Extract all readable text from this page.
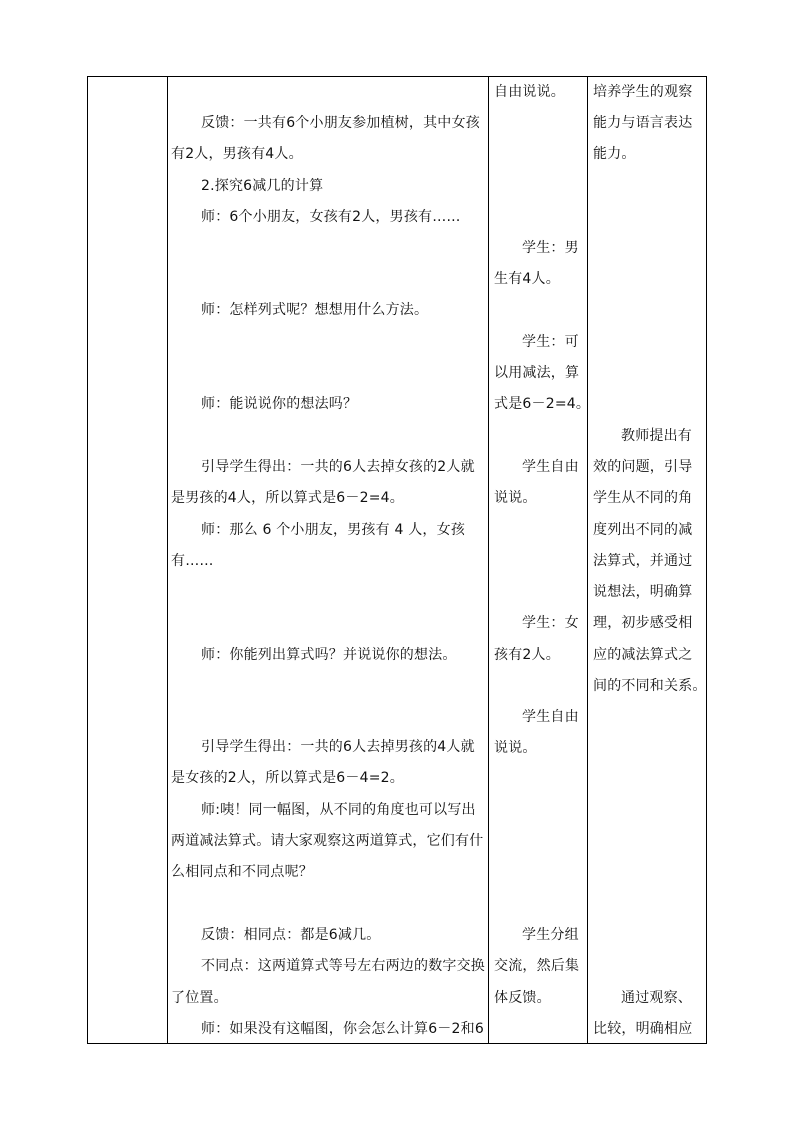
反馈：一共有6个小朋友参加植树，其中女孩
有2人，男孩有4人。
2.探究6减几的计算
师：6个小朋友，女孩有2人，男孩有……
师：怎样列式呢？想想用什么方法。
师：能说说你的想法吗？
引导学生得出：一共的6人去掉女孩的2人就
是男孩的4人，所以算式是6－2=4。
师：那么 6 个小朋友，男孩有 4 人，女孩
有……
师：你能列出算式吗？并说说你的想法。
引导学生得出：一共的6人去掉男孩的4人就
是女孩的2人，所以算式是6－4=2。
师:咦！同一幅图，从不同的角度也可以写出
两道减法算式。请大家观察这两道算式，它们有什
么相同点和不同点呢？
反馈：相同点：都是6减几。
不同点：这两道算式等号左右两边的数字交换
了位置。
师：如果没有这幅图，你会怎么计算6－2和6
自由说说。
学生：男
生有4人。
学生：可
以用减法，算
式是6－2=4。
学生自由
说说。
学生：女
孩有2人。
学生自由
说说。
学生分组
交流，然后集
体反馈。
培养学生的观察
能力与语言表达
能力。
教师提出有
效的问题，引导
学生从不同的角
度列出不同的减
法算式，并通过
说想法，明确算
理，初步感受相
应的减法算式之
间的不同和关系。
通过观察、
比较，明确相应
